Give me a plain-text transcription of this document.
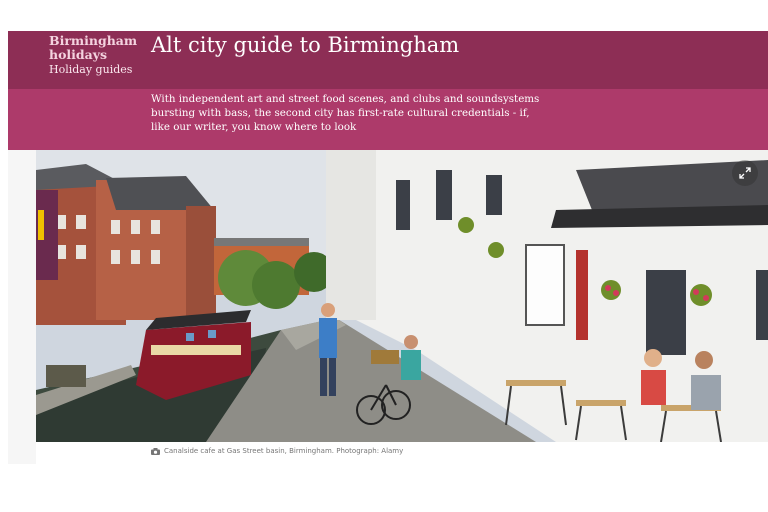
Birmingham holidays
Holiday guides
Alt city guide to Birmingham

With independent art and street food scenes, and clubs and soundsystems bursting with bass, the second city has first-rate cultural credentials - if, like our writer, you know where to look

Canalside cafe at Gas Street basin, Birmingham. Photograph: Alamy
